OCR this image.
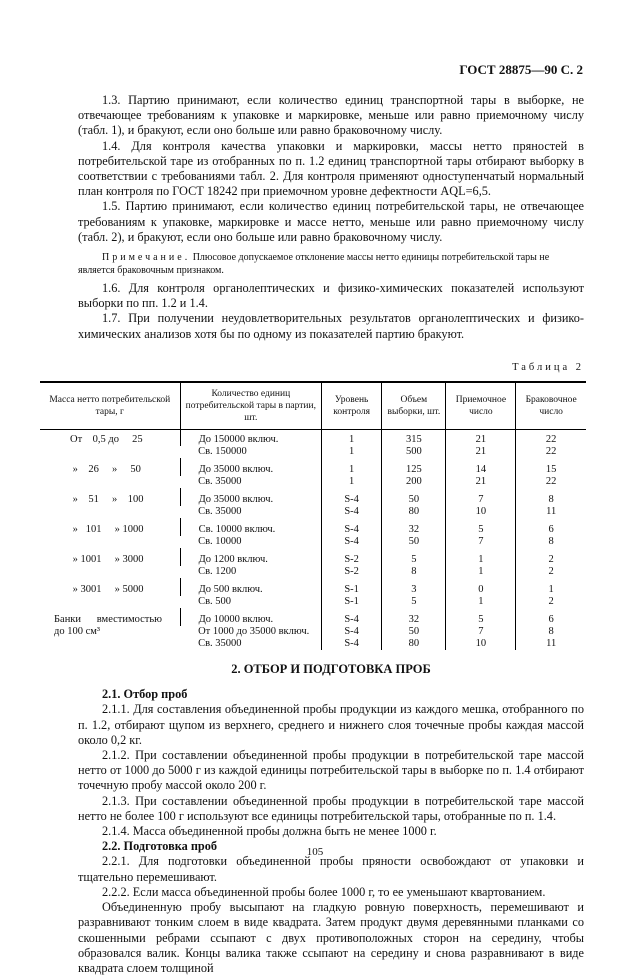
ГОСТ 28875—90 С. 2

1.3. Партию принимают, если количество единиц транспортной тары в выборке, не отвечающее требованиям к упаковке и маркировке, меньше или равно приемочному числу (табл. 1), и бракуют, если оно больше или равно браковочному числу.

1.4. Для контроля качества упаковки и маркировки, массы нетто пряностей в потребительской таре из отобранных по п. 1.2 единиц транспортной тары отбирают выборку в соответствии с требованиями табл. 2. Для контроля применяют одноступенчатый нормальный план контроля по ГОСТ 18242 при приемочном уровне дефектности AQL=6,5.

1.5. Партию принимают, если количество единиц потребительской тары, не отвечающее требованиям к упаковке, маркировке и массе нетто, меньше или равно приемочному числу (табл. 2), и бракуют, если оно больше или равно браковочному числу.

Примечание. Плюсовое допускаемое отклонение массы нетто единицы потребительской тары не является браковочным признаком.

1.6. Для контроля органолептических и физико-химических показателей используют выборки по пп. 1.2 и 1.4.

1.7. При получении неудовлетворительных результатов органолептических и физико-химических анализов хотя бы по одному из показателей партию бракуют.

Таблица 2
Масса нетто потребительской тары, г	Количество единиц потребительской тары в партии, шт.	Уровень контроля	Объем выборки, шт.	Приемочное число	Браковочное число
От    0,5 до     25	До 150000 включ.	1	315	21	22
	Св. 150000	1	500	21	22
»    26     »     50	До 35000 включ.	1	125	14	15
	Св. 35000	1	200	21	22
»    51     »    100	До 35000 включ.	S-4	50	7	8
	Св. 35000	S-4	80	10	11
»   101     » 1000	Св. 10000 включ.	S-4	32	5	6
	Св. 10000	S-4	50	7	8
» 1001     » 3000	До 1200 включ.	S-2	5	1	2
	Св. 1200	S-2	8	1	2
» 3001     » 5000	До 500 включ.	S-1	3	0	1
	Св. 500	S-1	5	1	2
Банки      вместимостью
до 100 см³	До 10000 включ.	S-4	32	5	6
	От 1000 до 35000 включ.	S-4	50	7	8
	Св. 35000	S-4	80	10	11
2. ОТБОР И ПОДГОТОВКА ПРОБ
2.1. Отбор проб

2.1.1. Для составления объединенной пробы продукции из каждого мешка, отобранного по п. 1.2, отбирают щупом из верхнего, среднего и нижнего слоя точечные пробы каждая массой около 0,2 кг.

2.1.2. При составлении объединенной пробы продукции в потребительской таре массой нетто от 1000 до 5000 г из каждой единицы потребительской тары в выборке по п. 1.4 отбирают точечную пробу массой около 200 г.

2.1.3. При составлении объединенной пробы продукции в потребительской таре массой нетто не более 100 г используют все единицы потребительской тары, отобранные по п. 1.4.

2.1.4. Масса объединенной пробы должна быть не менее 1000 г.

2.2. Подготовка проб

2.2.1. Для подготовки объединенной пробы пряности освобождают от упаковки и тщательно перемешивают.

2.2.2. Если масса объединенной пробы более 1000 г, то ее уменьшают квартованием.

Объединенную пробу высыпают на гладкую ровную поверхность, перемешивают и разравнивают тонким слоем в виде квадрата. Затем продукт двумя деревянными планками со скошенными ребрами ссыпают с двух противоположных сторон на середину, чтобы образовался валик. Концы валика также ссыпают на середину и снова разравнивают в виде квадрата слоем толщиной

105
